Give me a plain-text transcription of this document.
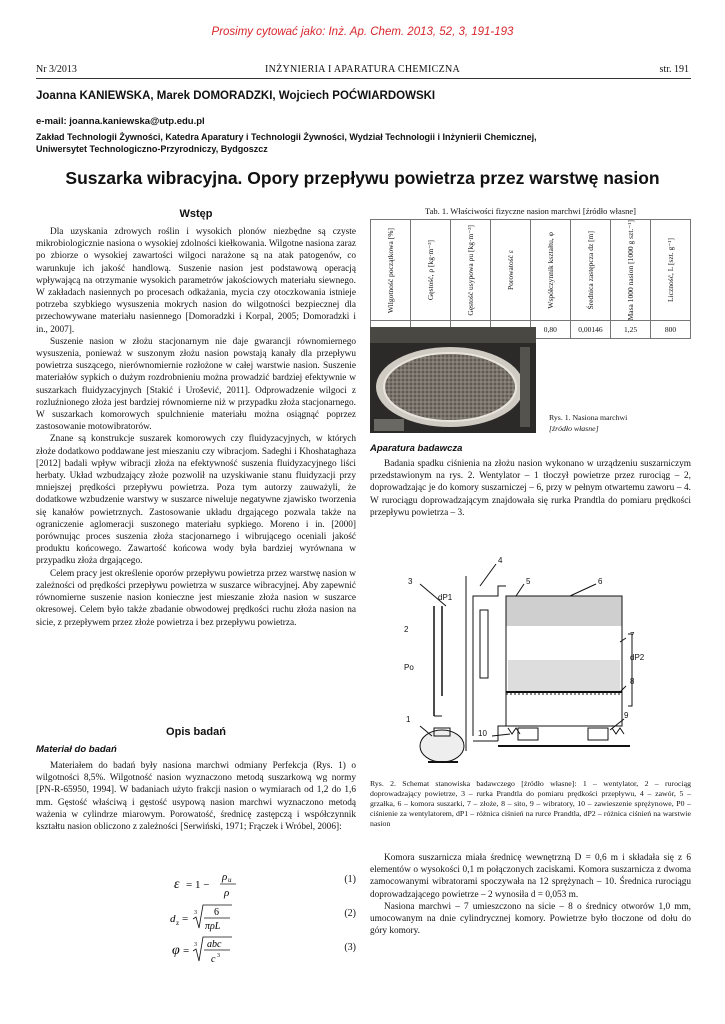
Prosimy cytować jako: Inż. Ap. Chem. 2013, 52, 3, 191-193
Nr 3/2013	INŻYNIERIA I APARATURA CHEMICZNA	str. 191
Joanna KANIEWSKA, Marek DOMORADZKI, Wojciech POĆWIARDOWSKI
e-mail: joanna.kaniewska@utp.edu.pl
Zakład Technologii Żywności, Katedra Aparatury i Technologii Żywności, Wydział Technologii i Inżynierii Chemicznej,
Uniwersytet Technologiczno-Przyrodniczy, Bydgoszcz
Suszarka wibracyjna. Opory przepływu powietrza przez warstwę nasion
Wstęp

Dla uzyskania zdrowych roślin i wysokich plonów niezbędne są czyste mikrobiologicznie nasiona o wysokiej zdolności kiełkowania. Wilgotne nasiona zaraz po zbiorze o wysokiej zawartości wilgoci narażone są na atak patogenów, co warunkuje ich jakość handlową. Suszenie nasion jest podstawową operacją wpływającą na otrzymanie wysokich parametrów jakościowych materiału siewnego. W zakładach nasiennych po procesach odkażania, mycia czy otoczkowania istnieje potrzeba szybkiego wysuszenia mokrych nasion do wilgotności bezpiecznej dla przechowywane materiału nasiennego [Domoradzki i Korpal, 2005; Domoradzki i in., 2007].

Suszenie nasion w złożu stacjonarnym nie daje gwarancji równomiernego wysuszenia, ponieważ w suszonym złożu nasion powstają kanały dla przepływu powietrza suszącego, nierównomiernie rozłożone w całej warstwie nasion. Suszenie materiałów sypkich o dużym rozdrobnieniu można prowadzić bardziej efektywnie w suszarkach fluidyzacyjnych [Stakić i Urošević, 2011]. Odprowadzenie wilgoci z rozluźnionego złoża jest bardziej równomierne niż w przypadku złoża stacjonarnego. W suszarkach komorowych spulchnienie materiału można osiągnąć poprzez zastosowanie motowibratorów.

Znane są konstrukcje suszarek komorowych czy fluidyzacyjnych, w których złoże dodatkowo poddawane jest mieszaniu czy wibracjom. Sadeghi i Khoshataghaza [2012] badali wpływ wibracji złoża na efektywność suszenia fluidyzacyjnego liści herbaty. Układ wzbudzający złoże pozwolił na uzyskiwanie stanu fluidyzacji przy mniejszej prędkości przepływu powietrza. Poza tym autorzy zauważyli, że dodatkowe wzbudzenie warstwy w suszarce niweluje negatywne zjawisko tworzenia się kanałów powietrznych. Zastosowanie układu drgającego pozwala także na ograniczenie aglomeracji suszonego materiału sypkiego. Moreno i in. [2000] porównując proces suszenia złoża stacjonarnego i wibrującego oceniali jakość produktu końcowego. Zawartość końcowa wody była bardziej wyrównana w przypadku złoża drgającego.

Celem pracy jest określenie oporów przepływu powietrza przez warstwę nasion w zależności od prędkości przepływu powietrza w suszarce wibracyjnej. Aby zapewnić równomierne suszenie nasion konieczne jest mieszanie złoża nasion w suszarce okresowej. Celem było także zbadanie obwodowej prędkości ruchu złoża nasion na sicie, z przepływem przez złoże powietrza i bez przepływu powietrza.

Opis badań
Materiał do badań

Materiałem do badań były nasiona marchwi odmiany Perfekcja (Rys. 1) o wilgotności 8,5%. Wilgotność nasion wyznaczono metodą suszarkową wg normy [PN-R-65950, 1994]. W badaniach użyto frakcji nasion o wymiarach od 1,2 do 1,6 mm. Gęstość właściwą i gęstość usypową nasion marchwi wyznaczono metodą ważenia w cylindrze miarowym. Porowatość, średnicę zastępczą i współczynnik kształtu nasion obliczono z zależności [Serwiński, 1971; Frączek i Wróbel, 2006]:

ε = 1 −
ρ u
ρ
(1)
d z = 3 6
πρL
(2)
φ = 3 abc
c 3
(3)
Tab. 1. Właściwości fizyczne nasion marchwi [źródło własne]
Wilgotność początkowa [%]	Gęstość, ρ [kg·m⁻³]	Gęstość usypowa ρu [kg·m⁻³]	Porowatość ε	Współczynnik kształtu, φ	Średnica zastępcza dz [m]	Masa 1000 nasion [1000 g szt.⁻¹]	Liczność, L [szt. g⁻¹]

				0,80	0,00146	1,25	800
Rys. 1. Nasiona marchwi
[źródło własne]
Aparatura badawcza

Badania spadku ciśnienia na złożu nasion wykonano w urządzeniu suszarniczym przedstawionym na rys. 2. Wentylator – 1 tłoczył powietrze przez rurociąg – 2, doprowadzając je do komory suszarniczej – 6, przy w pełnym otwartemu zaworu – 4. W rurociągu doprowadzającym znajdowała się rurka Prandtla do pomiaru prędkości przepływu powietrza – 3.

3
4
5	6
dP1
2
Po
1
10
7
dP2
8
9
Rys. 2. Schemat stanowiska badawczego [źródło własne]: 1 – wentylator, 2 – rurociąg doprowadzający powietrze, 3 – rurka Prandtla do pomiaru prędkości przepływu, 4 – zawór, 5 – grzałka, 6 – komora suszarki, 7 – złoże, 8 – sito, 9 – wibratory, 10 – zawieszenie sprężynowe, P0 – ciśnienie za wentylatorem, dP1 – różnica ciśnień na rurce Prandtla, dP2 – różnica ciśnień na warstwie nasion

Komora suszarnicza miała średnicę wewnętrzną D = 0,6 m i składała się z 6 elementów o wysokości 0,1 m połączonych zaciskami. Komora suszarnicza z dwoma zamocowanymi wibratorami spoczywała na 12 sprężynach – 10. Średnica rurociągu doprowadzającego powietrze – 2 wynosiła d = 0,053 m.

Nasiona marchwi – 7 umieszczono na sicie – 8 o średnicy otworów 1,0 mm, umocowanym na dnie cylindrycznej komory. Powietrze było tłoczone od dołu do góry komory.
